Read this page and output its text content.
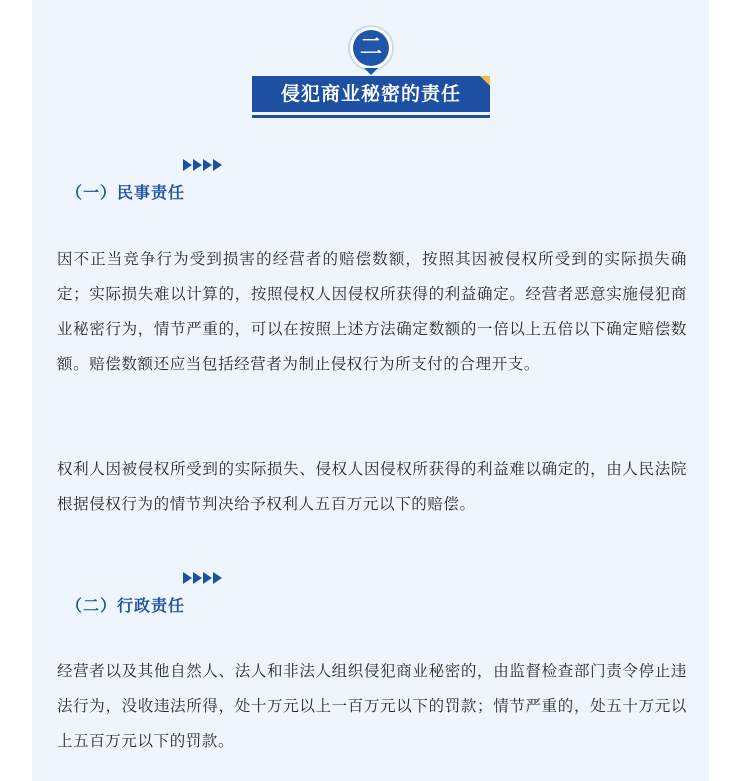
二
侵犯商业秘密的责任
（一）民事责任
因不正当竞争行为受到损害的经营者的赔偿数额，按照其因被侵权所受到的实际损失确定；实际损失难以计算的，按照侵权人因侵权所获得的利益确定。经营者恶意实施侵犯商业秘密行为，情节严重的，可以在按照上述方法确定数额的一倍以上五倍以下确定赔偿数额。赔偿数额还应当包括经营者为制止侵权行为所支付的合理开支。
权利人因被侵权所受到的实际损失、侵权人因侵权所获得的利益难以确定的，由人民法院根据侵权行为的情节判决给予权利人五百万元以下的赔偿。
（二）行政责任
经营者以及其他自然人、法人和非法人组织侵犯商业秘密的，由监督检查部门责令停止违法行为，没收违法所得，处十万元以上一百万元以下的罚款；情节严重的，处五十万元以上五百万元以下的罚款。
